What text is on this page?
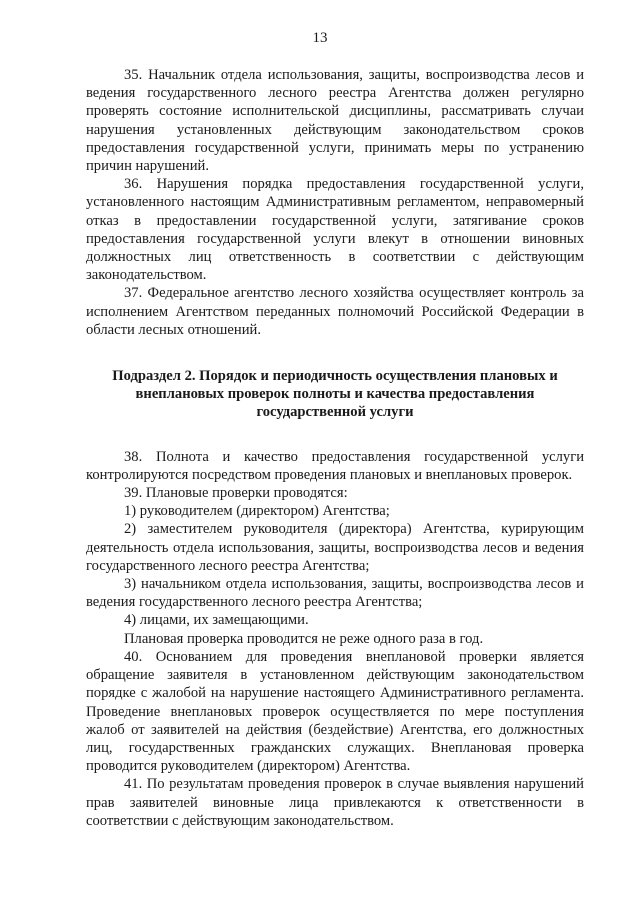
13

35. Начальник отдела использования, защиты, воспроизводства лесов и ведения государственного лесного реестра Агентства должен регулярно проверять состояние исполнительской дисциплины, рассматривать случаи нарушения установленных действующим законодательством сроков предоставления государственной услуги, принимать меры по устранению причин нарушений.

36. Нарушения порядка предоставления государственной услуги, установленного настоящим Административным регламентом, неправомерный отказ в предоставлении государственной услуги, затягивание сроков предоставления государственной услуги влекут в отношении виновных должностных лиц ответственность в соответствии с действующим законодательством.

37. Федеральное агентство лесного хозяйства осуществляет контроль за исполнением Агентством переданных полномочий Российской Федерации в области лесных отношений.

Подраздел 2. Порядок и периодичность осуществления плановых и внеплановых проверок полноты и качества предоставления государственной услуги

38. Полнота и качество предоставления государственной услуги контролируются посредством проведения плановых и внеплановых проверок.

39. Плановые проверки проводятся:

1) руководителем (директором) Агентства;

2) заместителем руководителя (директора) Агентства, курирующим деятельность отдела использования, защиты, воспроизводства лесов и ведения государственного лесного реестра Агентства;

3) начальником отдела использования, защиты, воспроизводства лесов и ведения государственного лесного реестра Агентства;

4) лицами, их замещающими.

Плановая проверка проводится не реже одного раза в год.

40. Основанием для проведения внеплановой проверки является обращение заявителя в установленном действующим законодательством порядке с жалобой на нарушение настоящего Административного регламента. Проведение внеплановых проверок осуществляется по мере поступления жалоб от заявителей на действия (бездействие) Агентства, его должностных лиц, государственных гражданских служащих. Внеплановая проверка проводится руководителем (директором) Агентства.

41. По результатам проведения проверок в случае выявления нарушений прав заявителей виновные лица привлекаются к ответственности в соответствии с действующим законодательством.
